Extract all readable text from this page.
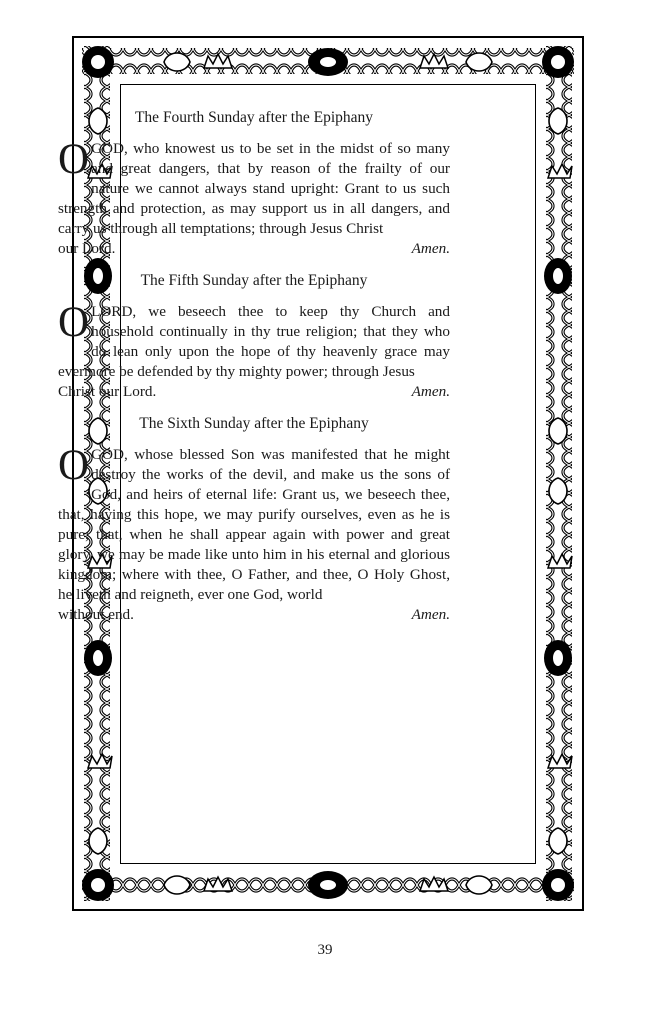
The Fourth Sunday after the Epiphany
OGOD, who knowest us to be set in the midst of so many and great dangers, that by reason of the frailty of our nature we cannot always stand upright: Grant to us such strength and protection, as may support us in all dangers, and carry us through all temptations; through Jesus Christ
our Lord.	Amen.
The Fifth Sunday after the Epiphany
OLORD, we beseech thee to keep thy Church and household continually in thy true religion; that they who do lean only upon the hope of thy heavenly grace may evermore be defended by thy mighty power; through Jesus
Christ our Lord.	Amen.
The Sixth Sunday after the Epiphany
OGOD, whose blessed Son was manifested that he might destroy the works of the devil, and make us the sons of God, and heirs of eternal life: Grant us, we beseech thee, that, having this hope, we may purify ourselves, even as he is pure; that, when he shall appear again with power and great glory, we may be made like unto him in his eternal and glorious kingdom; where with thee, O Father, and thee, O Holy Ghost, he liveth and reigneth, ever one God, world
without end.	Amen.
39
